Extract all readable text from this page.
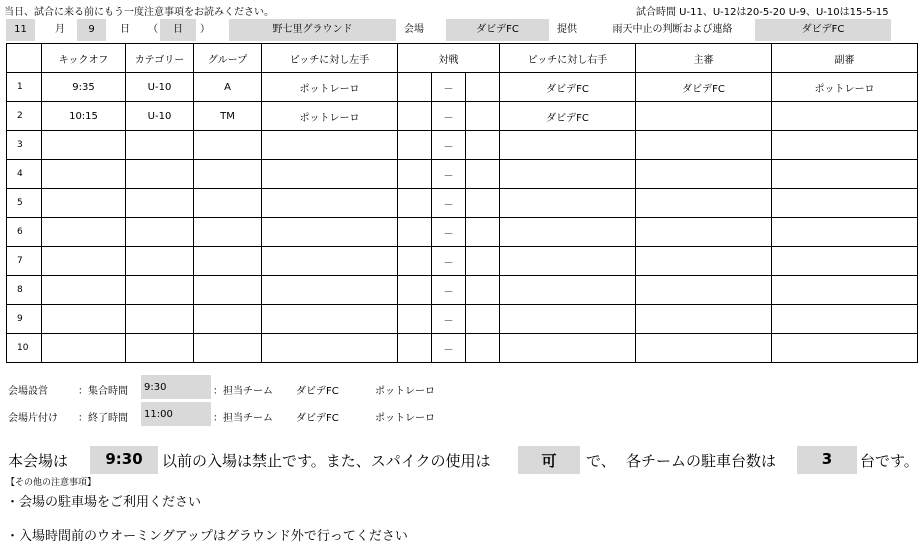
当日、試合に来る前にもう一度注意事項をお読みください。	試合時間 U-11、U-12は20-5-20 U-9、U-10は15-5-15
11	月	9	日	（	日	）	野七里グラウンド	会場	ダビデFC	提供	雨天中止の判断および連絡	ダビデFC
	キックオフ	カテゴリー	グループ	ピッチに対し左手	対戦			ピッチに対し右手	主審	副審
1	9:35	U-10	A	ポットレーロ		－		ダビデFC	ダビデFC	ポットレーロ
2	10:15	U-10	TM	ポットレーロ		－		ダビデFC		
3						－				
4						－				
5						－				
6						－				
7						－				
8						－				
9						－				
10						－				
会場設営	：集合時間 9:30	：担当チーム ダビデFC	ポットレーロ
会場片付け ：終了時間 11:00	：担当チーム ダビデFC	ポットレーロ
本会場は	9:30	以前の入場は禁止です。また、スパイクの使用は	可	で、 各チームの駐車台数は	3	台です。
【その他の注意事項】
・会場の駐車場をご利用ください
・入場時間前のウオーミングアップはグラウンド外で行ってください
